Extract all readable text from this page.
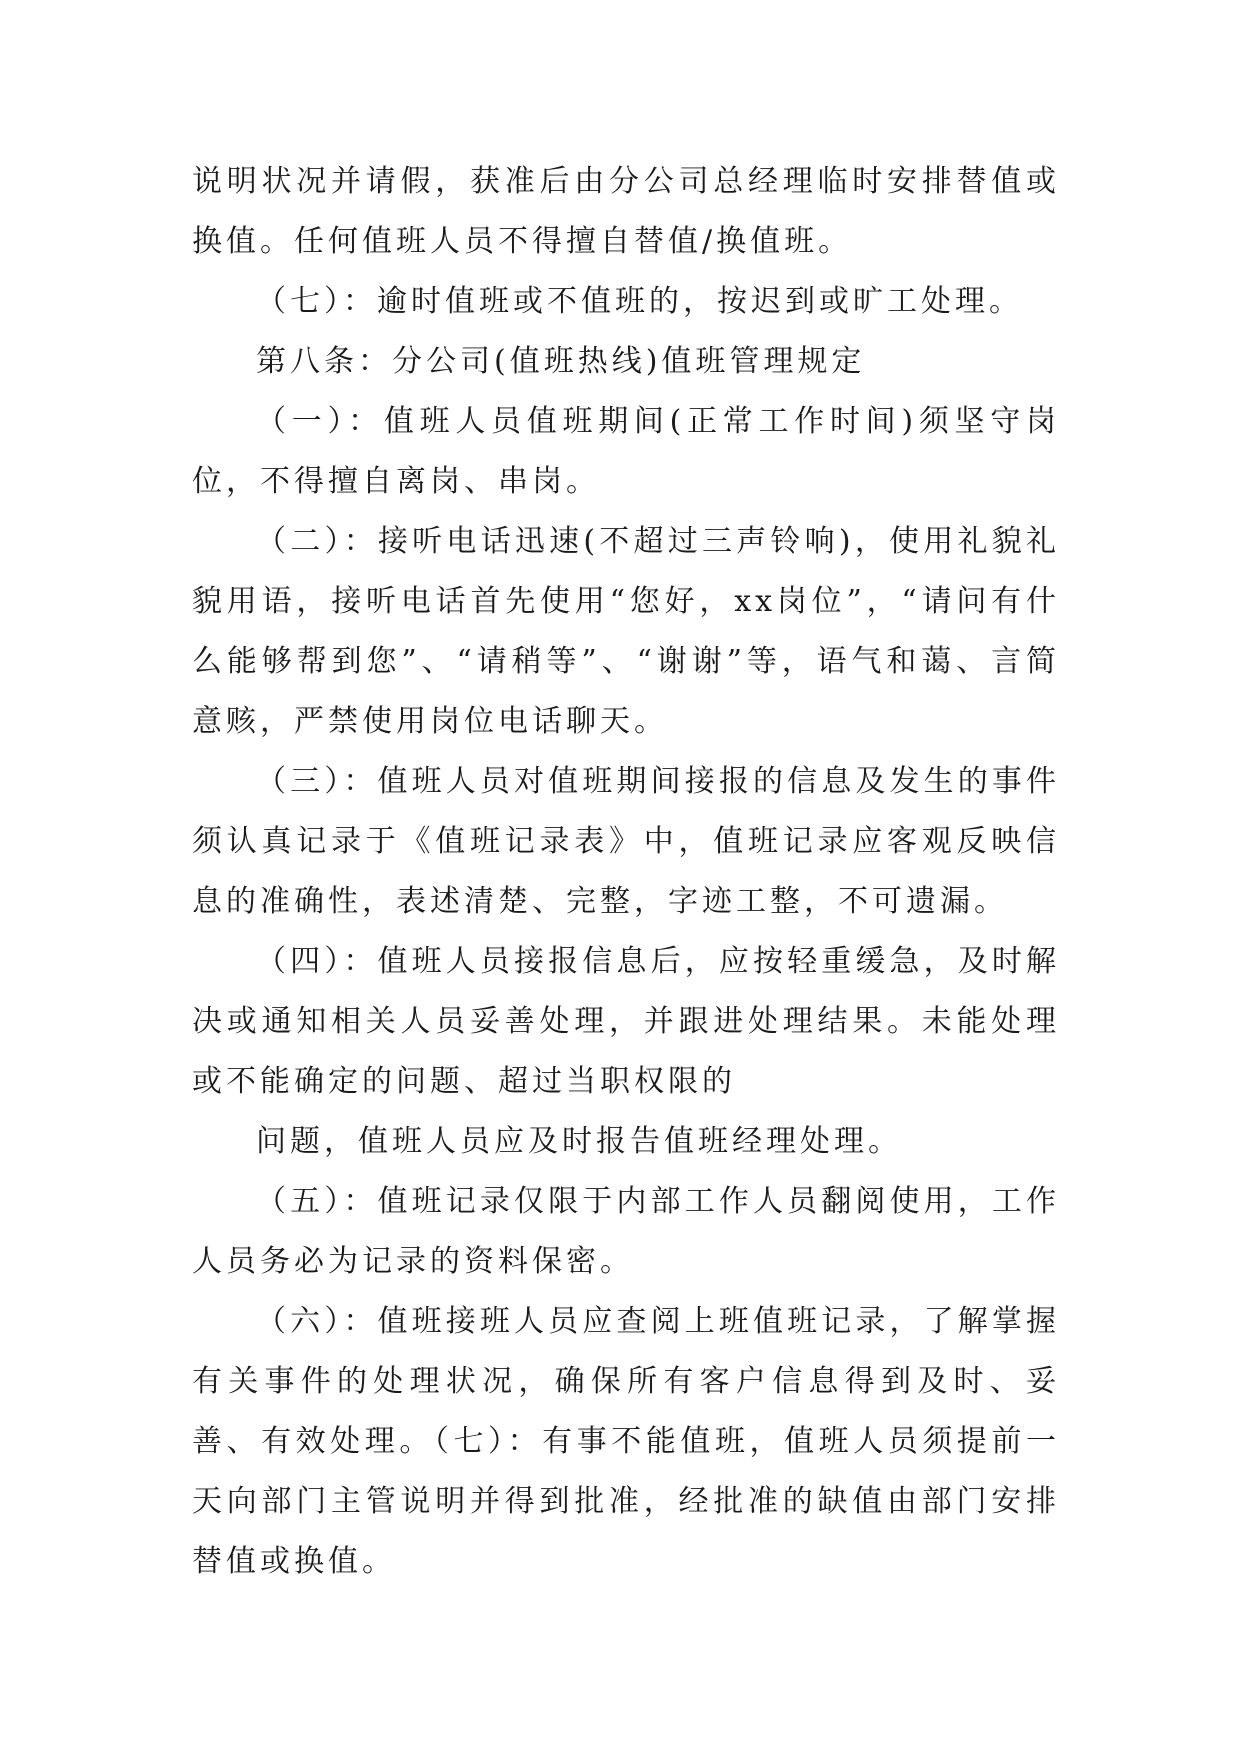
说明状况并请假，获准后由分公司总经理临时安排替值或换值。任何值班人员不得擅自替值/换值班。

（七）：逾时值班或不值班的，按迟到或旷工处理。

第八条：分公司(值班热线)值班管理规定

（一）：值班人员值班期间(正常工作时间)须坚守岗位，不得擅自离岗、串岗。

（二）：接听电话迅速(不超过三声铃响)，使用礼貌礼貌用语，接听电话首先使用“您好，xx岗位”，“请问有什么能够帮到您”、“请稍等”、“谢谢”等，语气和蔼、言简意赅，严禁使用岗位电话聊天。

（三）：值班人员对值班期间接报的信息及发生的事件须认真记录于《值班记录表》中，值班记录应客观反映信息的准确性，表述清楚、完整，字迹工整，不可遗漏。

（四）：值班人员接报信息后，应按轻重缓急，及时解决或通知相关人员妥善处理，并跟进处理结果。未能处理或不能确定的问题、超过当职权限的

问题，值班人员应及时报告值班经理处理。

（五）：值班记录仅限于内部工作人员翻阅使用，工作人员务必为记录的资料保密。

（六）：值班接班人员应查阅上班值班记录，了解掌握有关事件的处理状况，确保所有客户信息得到及时、妥善、有效处理。（七）：有事不能值班，值班人员须提前一天向部门主管说明并得到批准，经批准的缺值由部门安排替值或换值。
